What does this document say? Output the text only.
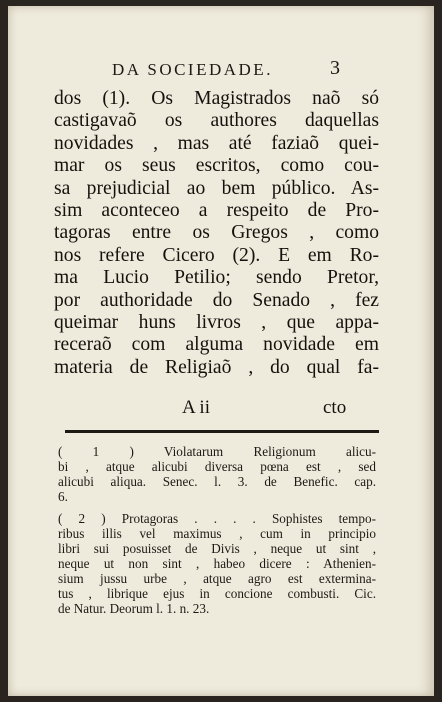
DA SOCIEDADE.	3
dos (1). Os Magistrados naõ só
castigavaõ os authores daquellas
novidades , mas até faziaõ quei-
mar os seus escritos, como cou-
sa prejudicial ao bem público. As-
sim aconteceo a respeito de Pro-
tagoras entre os Gregos , como
nos refere Cicero (2). E em Ro-
ma Lucio Petilio; sendo Pretor,
por authoridade do Senado , fez
queimar huns livros , que appa-
receraõ com alguma novidade em
materia de Religiaõ , do qual fa-
A ii	cto
( 1 ) Violatarum Religionum alicu-
bi , atque alicubi diversa pœna est , sed
alicubi aliqua. Senec. l. 3. de Benefic. cap.
6.
( 2 ) Protagoras . . . . Sophistes tempo-
ribus illis vel maximus , cum in principio
libri sui posuisset de Divis , neque ut sint ,
neque ut non sint , habeo dicere : Athenien-
sium jussu urbe , atque agro est extermina-
tus , librique ejus in concione combusti. Cic.
de Natur. Deorum l. 1. n. 23.
